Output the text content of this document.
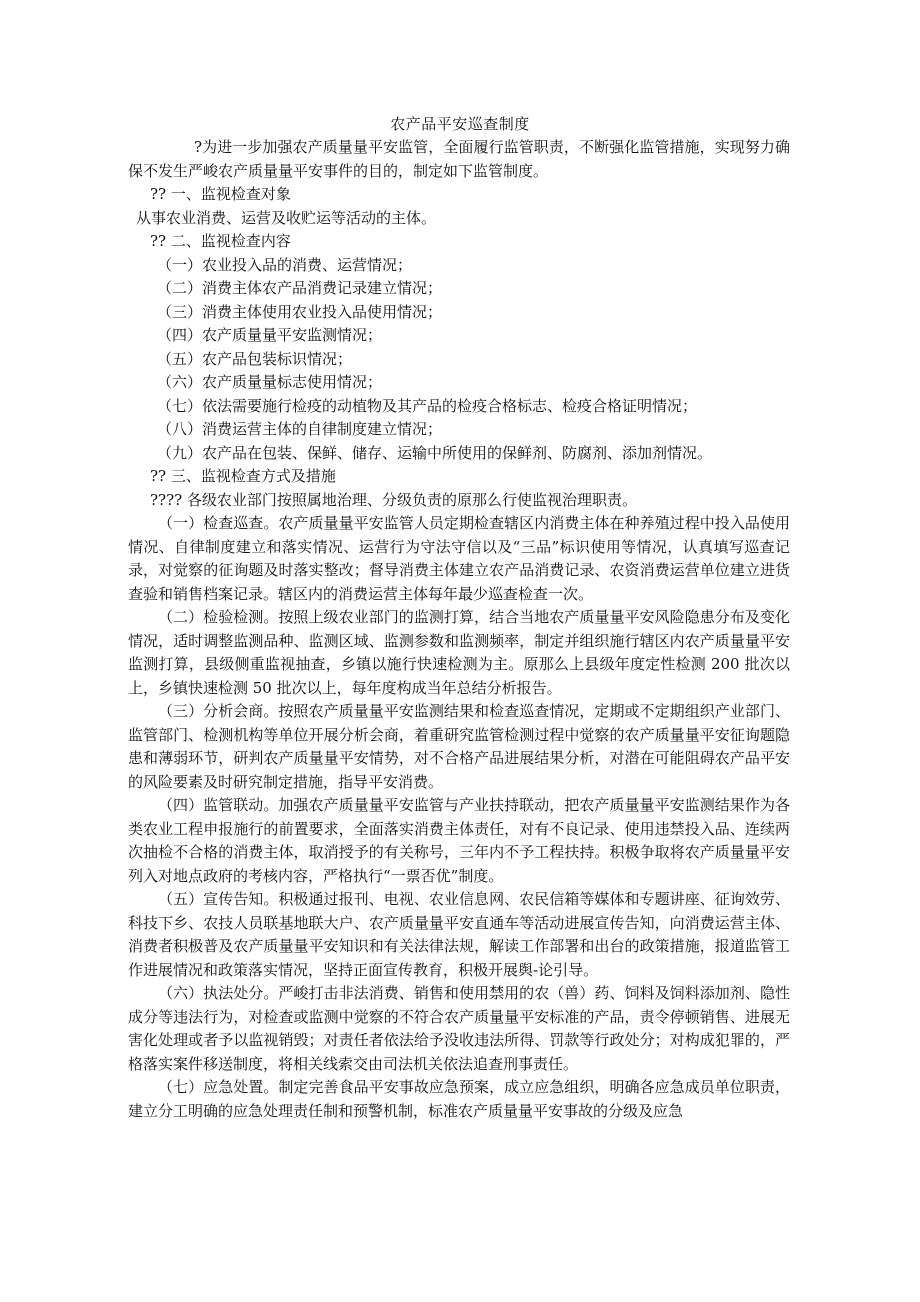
农产品平安巡查制度

?为进一步加强农产质量量平安监管，全面履行监管职责，不断强化监管措施，实现努力确保不发生严峻农产质量量平安事件的目的，制定如下监管制度。

?? 一、监视检查对象

从事农业消费、运营及收贮运等活动的主体。

?? 二、监视检查内容

（一）农业投入品的消费、运营情况；

（二）消费主体农产品消费记录建立情况；

（三）消费主体使用农业投入品使用情况；

（四）农产质量量平安监测情况；

（五）农产品包装标识情况；

（六）农产质量量标志使用情况；

（七）依法需要施行检疫的动植物及其产品的检疫合格标志、检疫合格证明情况；

（八）消费运营主体的自律制度建立情况；

（九）农产品在包装、保鲜、储存、运输中所使用的保鲜剂、防腐剂、添加剂情况。

?? 三、监视检查方式及措施

???? 各级农业部门按照属地治理、分级负责的原那么行使监视治理职责。

（一）检查巡查。农产质量量平安监管人员定期检查辖区内消费主体在种养殖过程中投入品使用情况、自律制度建立和落实情况、运营行为守法守信以及“三品”标识使用等情况，认真填写巡查记录，对觉察的征询题及时落实整改；督导消费主体建立农产品消费记录、农资消费运营单位建立进货查验和销售档案记录。辖区内的消费运营主体每年最少巡查检查一次。

（二）检验检测。按照上级农业部门的监测打算，结合当地农产质量量平安风险隐患分布及变化情况，适时调整监测品种、监测区域、监测参数和监测频率，制定并组织施行辖区内农产质量量平安监测打算，县级侧重监视抽查，乡镇以施行快速检测为主。原那么上县级年度定性检测 200 批次以上，乡镇快速检测 50 批次以上，每年度构成当年总结分析报告。

（三）分析会商。按照农产质量量平安监测结果和检查巡查情况，定期或不定期组织产业部门、监管部门、检测机构等单位开展分析会商，着重研究监管检测过程中觉察的农产质量量平安征询题隐患和薄弱环节，研判农产质量量平安情势，对不合格产品进展结果分析，对潜在可能阻碍农产品平安的风险要素及时研究制定措施，指导平安消费。

（四）监管联动。加强农产质量量平安监管与产业扶持联动，把农产质量量平安监测结果作为各类农业工程申报施行的前置要求，全面落实消费主体责任，对有不良记录、使用违禁投入品、连续两次抽检不合格的消费主体，取消授予的有关称号，三年内不予工程扶持。积极争取将农产质量量平安列入对地点政府的考核内容，严格执行“一票否优”制度。

（五）宣传告知。积极通过报刊、电视、农业信息网、农民信箱等媒体和专题讲座、征询效劳、科技下乡、农技人员联基地联大户、农产质量量平安直通车等活动进展宣传告知，向消费运营主体、消费者积极普及农产质量量平安知识和有关法律法规，解读工作部署和出台的政策措施，报道监管工作进展情况和政策落实情况，坚持正面宣传教育，积极开展舆-论引导。

（六）执法处分。严峻打击非法消费、销售和使用禁用的农（兽）药、饲料及饲料添加剂、隐性成分等违法行为，对检查或监测中觉察的不符合农产质量量平安标准的产品，责令停顿销售、进展无害化处理或者予以监视销毁；对责任者依法给予没收违法所得、罚款等行政处分；对构成犯罪的，严格落实案件移送制度，将相关线索交由司法机关依法追查刑事责任。

（七）应急处置。制定完善食品平安事故应急预案，成立应急组织，明确各应急成员单位职责，建立分工明确的应急处理责任制和预警机制，标准农产质量量平安事故的分级及应急
